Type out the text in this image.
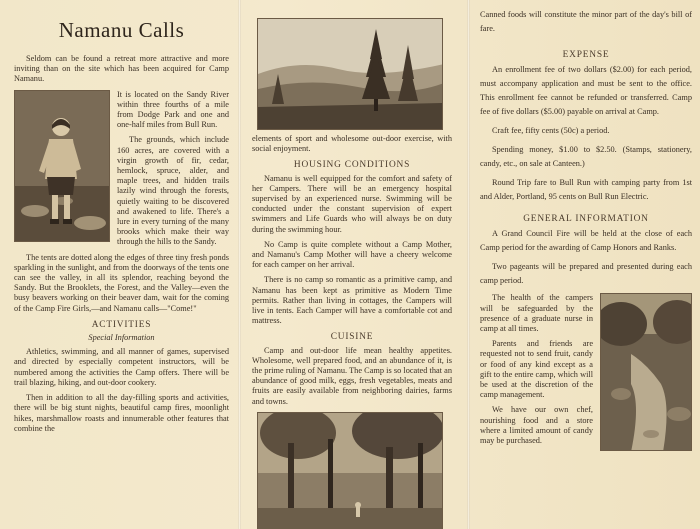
Namanu Calls

Seldom can be found a retreat more attractive and more inviting than on the site which has been acquired for Camp Namanu.

It is located on the Sandy River within three fourths of a mile from Dodge Park and one and one-half miles from Bull Run.

The grounds, which include 160 acres, are covered with a virgin growth of fir, cedar, hemlock, spruce, alder, and maple trees, and hidden trails lazily wind through the forests, quietly waiting to be discovered and awakened to life. There's a lure in every turning of the many brooks which make their way through the hills to the Sandy.

The tents are dotted along the edges of three tiny fresh ponds sparkling in the sunlight, and from the doorways of the tents one can see the valley, in all its splendor, reaching beyond the Sandy. But the Brooklets, the Forest, and the Valley—even the busy beavers working on their beaver dam, wait for the coming of the Camp Fire Girls,—and Namanu calls—"Come!"

ACTIVITIES
Special Information

Athletics, swimming, and all manner of games, supervised and directed by especially competent instructors, will be numbered among the activities the Camp offers. There will be trail blazing, hiking, and out-door cookery.

Then in addition to all the day-filling sports and activities, there will be big stunt nights, beautiful camp fires, moonlight hikes, marshmallow roasts and innumerable other features that combine the

elements of sport and wholesome out-door exercise, with social enjoyment.

HOUSING CONDITIONS

Namanu is well equipped for the comfort and safety of her Campers. There will be an emergency hospital supervised by an experienced nurse. Swimming will be conducted under the constant supervision of expert swimmers and Life Guards who will always be on duty during the swimming hour.

No Camp is quite complete without a Camp Mother, and Namanu's Camp Mother will have a cheery welcome for each camper on her arrival.

There is no camp so romantic as a primitive camp, and Namanu has been kept as primitive as Modern Time permits. Rather than living in cottages, the Campers will live in tents. Each Camper will have a comfortable cot and mattress.

CUISINE

Camp and out-door life mean healthy appetites. Wholesome, well prepared food, and an abundance of it, is the prime ruling of Namanu. The Camp is so located that an abundance of good milk, eggs, fresh vegetables, meats and fruits are easily available from neighboring dairies, farms and towns.

Canned foods will constitute the minor part of the day's bill of fare.

EXPENSE

An enrollment fee of two dollars ($2.00) for each period, must accompany application and must be sent to the office. This enrollment fee cannot be refunded or transferred. Camp fee of five dollars ($5.00) payable on arrival at Camp.

Craft fee, fifty cents (50c) a period.

Spending money, $1.00 to $2.50. (Stamps, stationery, candy, etc., on sale at Canteen.)

Round Trip fare to Bull Run with camping party from 1st and Alder, Portland, 95 cents on Bull Run Electric.

GENERAL INFORMATION

A Grand Council Fire will be held at the close of each Camp period for the awarding of Camp Honors and Ranks.

Two pageants will be prepared and presented during each camp period.

The health of the campers will be safeguarded by the presence of a graduate nurse in camp at all times.

Parents and friends are requested not to send fruit, candy or food of any kind except as a gift to the entire camp, which will be used at the discretion of the camp management.

We have our own chef, nourishing food and a store where a limited amount of candy may be purchased.
